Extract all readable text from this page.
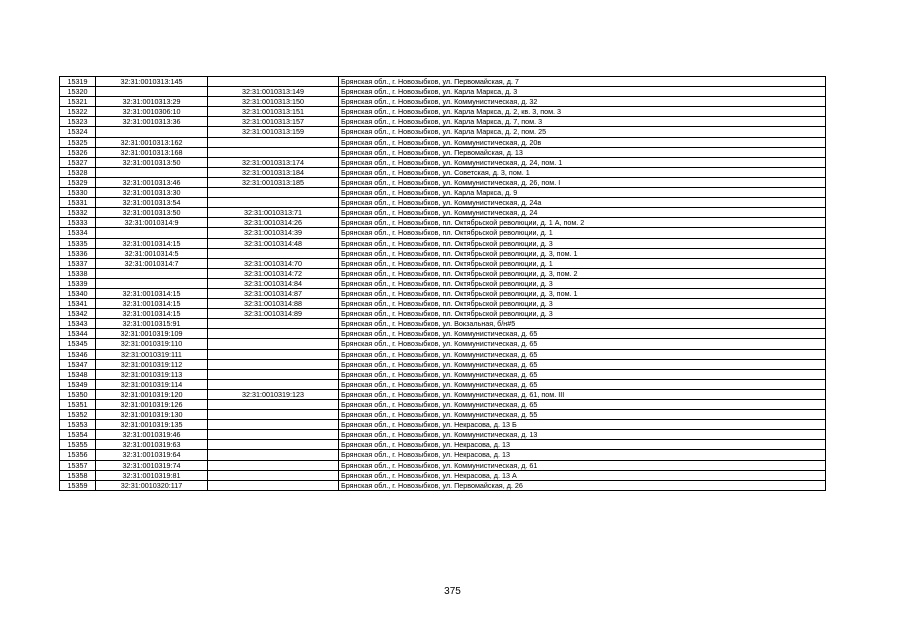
15319	32:31:0010313:145		Брянская обл., г. Новозыбков, ул. Первомайская, д. 7
15320		32:31:0010313:149	Брянская обл., г. Новозыбков, ул. Карла Маркса, д. 3
15321	32:31:0010313:29	32:31:0010313:150	Брянская обл., г. Новозыбков, ул. Коммунистическая, д. 32
15322	32:31:0010306:10	32:31:0010313:151	Брянская обл., г. Новозыбков, ул. Карла Маркса, д. 2, кв. 3, пом. 3
15323	32:31:0010313:36	32:31:0010313:157	Брянская обл., г. Новозыбков, ул. Карла Маркса, д. 7, пом. 3
15324		32:31:0010313:159	Брянская обл., г. Новозыбков, ул. Карла Маркса, д. 2, пом. 25
15325	32:31:0010313:162		Брянская обл., г. Новозыбков, ул. Коммунистическая, д. 20в
15326	32:31:0010313:168		Брянская обл., г. Новозыбков, ул. Первомайская, д. 13
15327	32:31:0010313:50	32:31:0010313:174	Брянская обл., г. Новозыбков, ул. Коммунистическая, д. 24, пом. 1
15328		32:31:0010313:184	Брянская обл., г. Новозыбков, ул. Советская, д. 3, пом. 1
15329	32:31:0010313:46	32:31:0010313:185	Брянская обл., г. Новозыбков, ул. Коммунистическая, д. 26, пом. I
15330	32:31:0010313:30		Брянская обл., г. Новозыбков, ул. Карла Маркса, д. 9
15331	32:31:0010313:54		Брянская обл., г. Новозыбков, ул. Коммунистическая, д. 24а
15332	32:31:0010313:50	32:31:0010313:71	Брянская обл., г. Новозыбков, ул. Коммунистическая, д. 24
15333	32:31:0010314:9	32:31:0010314:26	Брянская обл., г. Новозыбков, пл. Октябрьской революции, д. 1 А, пом. 2
15334		32:31:0010314:39	Брянская обл., г. Новозыбков, пл. Октябрьской революции, д. 1
15335	32:31:0010314:15	32:31:0010314:48	Брянская обл., г. Новозыбков, пл. Октябрьской революции, д. 3
15336	32:31:0010314:5		Брянская обл., г. Новозыбков, пл. Октябрьской революции, д. 3, пом. 1
15337	32:31:0010314:7	32:31:0010314:70	Брянская обл., г. Новозыбков, пл. Октябрьской революции, д. 1
15338		32:31:0010314:72	Брянская обл., г. Новозыбков, пл. Октябрьской революции, д. 3, пом. 2
15339		32:31:0010314:84	Брянская обл., г. Новозыбков, пл. Октябрьской революции, д. 3
15340	32:31:0010314:15	32:31:0010314:87	Брянская обл., г. Новозыбков, пл. Октябрьской революции, д. 3, пом. 1
15341	32:31:0010314:15	32:31:0010314:88	Брянская обл., г. Новозыбков, пл. Октябрьской революции, д. 3
15342	32:31:0010314:15	32:31:0010314:89	Брянская обл., г. Новозыбков, пл. Октябрьской революции, д. 3
15343	32:31:0010315:91		Брянская обл., г. Новозыбков, ул. Вокзальная, б/н#5
15344	32:31:0010319:109		Брянская обл., г. Новозыбков, ул. Коммунистическая, д. 65
15345	32:31:0010319:110		Брянская обл., г. Новозыбков, ул. Коммунистическая, д. 65
15346	32:31:0010319:111		Брянская обл., г. Новозыбков, ул. Коммунистическая, д. 65
15347	32:31:0010319:112		Брянская обл., г. Новозыбков, ул. Коммунистическая, д. 65
15348	32:31:0010319:113		Брянская обл., г. Новозыбков, ул. Коммунистическая, д. 65
15349	32:31:0010319:114		Брянская обл., г. Новозыбков, ул. Коммунистическая, д. 65
15350	32:31:0010319:120	32:31:0010319:123	Брянская обл., г. Новозыбков, ул. Коммунистическая, д. 61, пом. III
15351	32:31:0010319:126		Брянская обл., г. Новозыбков, ул. Коммунистическая, д. 65
15352	32:31:0010319:130		Брянская обл., г. Новозыбков, ул. Коммунистическая, д. 55
15353	32:31:0010319:135		Брянская обл., г. Новозыбков, ул. Некрасова, д. 13 Б
15354	32:31:0010319:46		Брянская обл., г. Новозыбков, ул. Коммунистическая, д. 13
15355	32:31:0010319:63		Брянская обл., г. Новозыбков, ул. Некрасова, д. 13
15356	32:31:0010319:64		Брянская обл., г. Новозыбков, ул. Некрасова, д. 13
15357	32:31:0010319:74		Брянская обл., г. Новозыбков, ул. Коммунистическая, д. 61
15358	32:31:0010319:81		Брянская обл., г. Новозыбков, ул. Некрасова, д. 13 А
15359	32:31:0010320:117		Брянская обл., г. Новозыбков, ул. Первомайская, д. 26
375
